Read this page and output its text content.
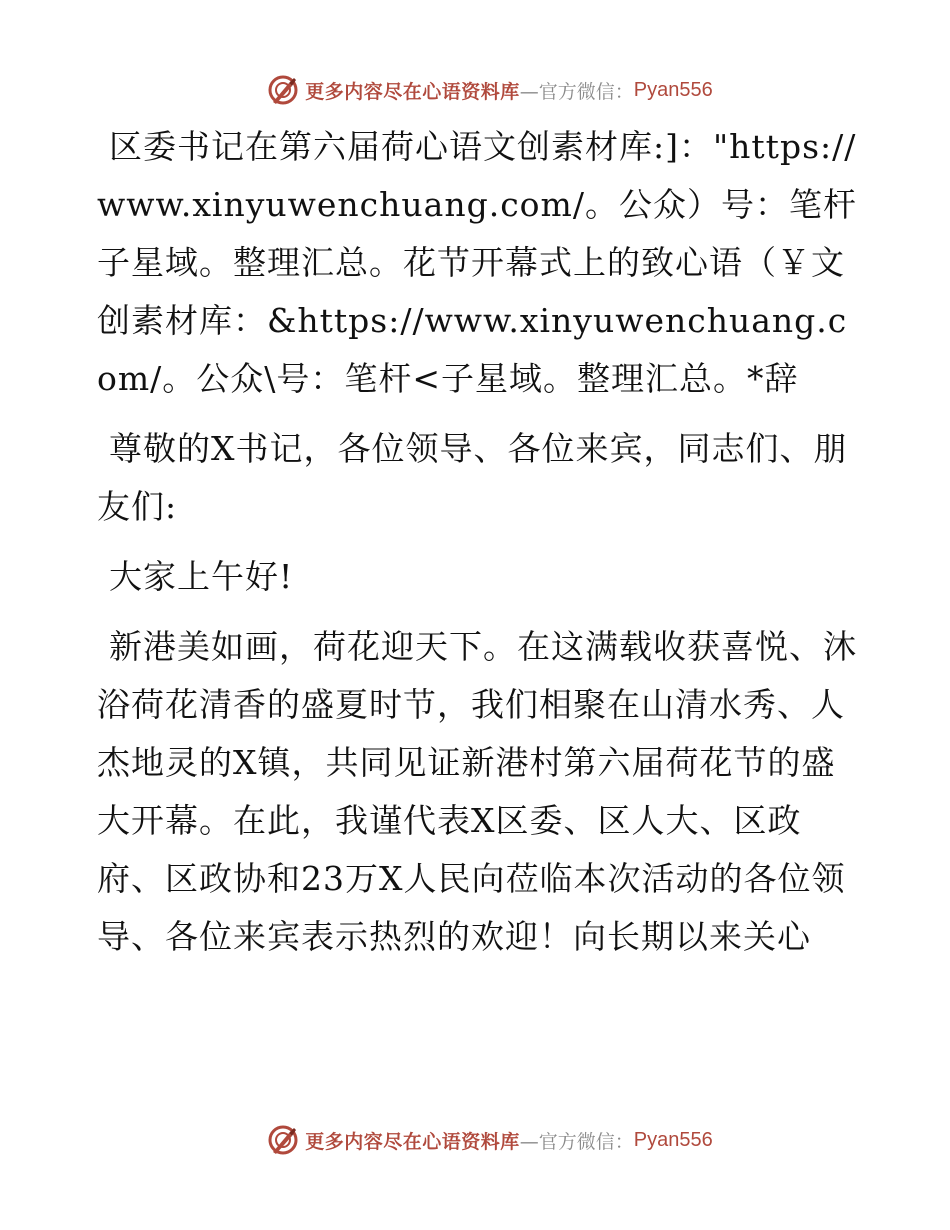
更多内容尽在心语资料库 —官方微信： Pyan556

区委书记在第六届荷心语文创素材库:]："https://www.xinyuwenchuang.com/。公众）号：笔杆子星域。整理汇总。花节开幕式上的致心语（￥文创素材库：&https://www.xinyuwenchuang.com/。公众\号：笔杆<子星域。整理汇总。*辞

尊敬的X书记，各位领导、各位来宾，同志们、朋友们:

大家上午好!

新港美如画，荷花迎天下。在这满载收获喜悦、沐浴荷花清香的盛夏时节，我们相聚在山清水秀、人杰地灵的X镇，共同见证新港村第六届荷花节的盛大开幕。在此，我谨代表X区委、区人大、区政府、区政协和23万X人民向莅临本次活动的各位领导、各位来宾表示热烈的欢迎！向长期以来关心

更多内容尽在心语资料库 —官方微信： Pyan556
